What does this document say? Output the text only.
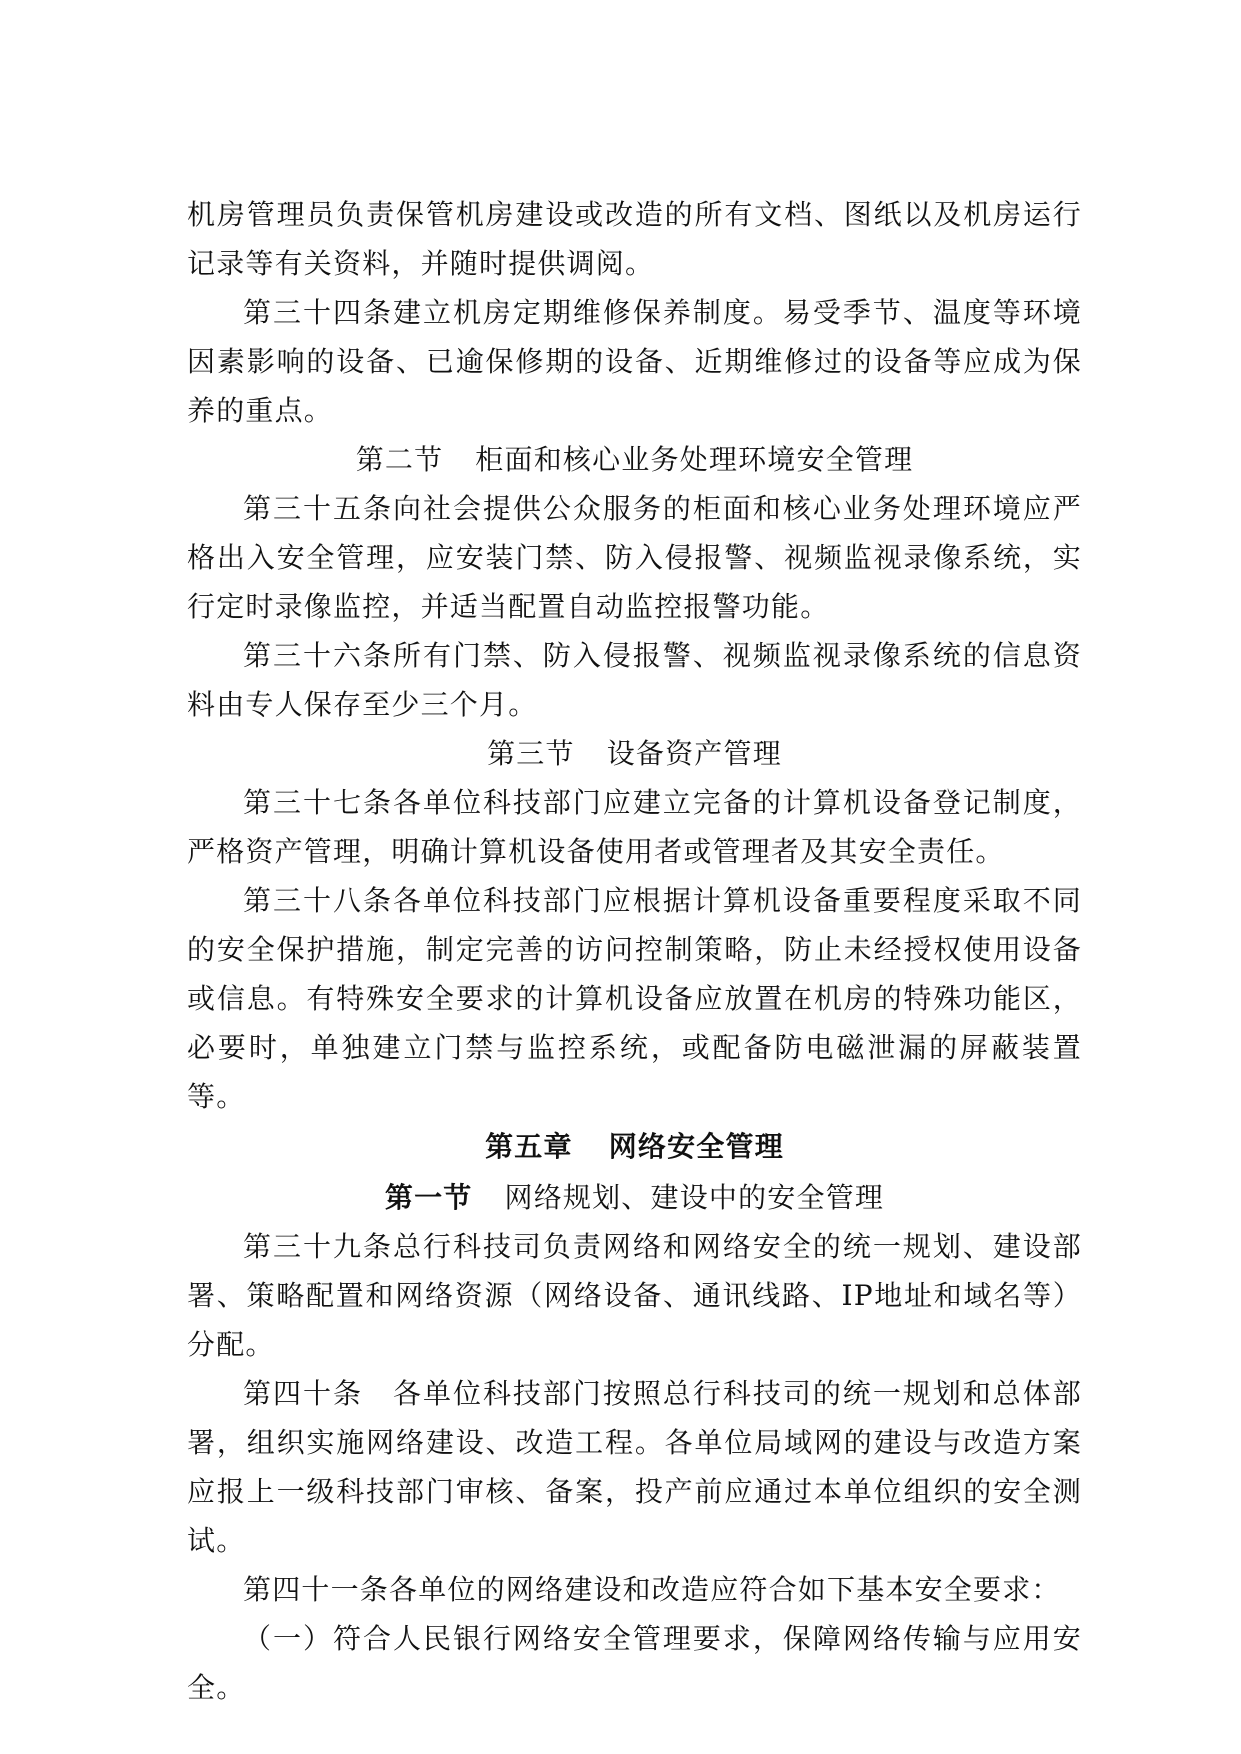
机房管理员负责保管机房建设或改造的所有文档、图纸以及机房运行记录等有关资料，并随时提供调阅。

第三十四条建立机房定期维修保养制度。易受季节、温度等环境因素影响的设备、已逾保修期的设备、近期维修过的设备等应成为保养的重点。

第二节 柜面和核心业务处理环境安全管理

第三十五条向社会提供公众服务的柜面和核心业务处理环境应严格出入安全管理，应安装门禁、防入侵报警、视频监视录像系统，实行定时录像监控，并适当配置自动监控报警功能。

第三十六条所有门禁、防入侵报警、视频监视录像系统的信息资料由专人保存至少三个月。

第三节 设备资产管理

第三十七条各单位科技部门应建立完备的计算机设备登记制度，严格资产管理，明确计算机设备使用者或管理者及其安全责任。

第三十八条各单位科技部门应根据计算机设备重要程度采取不同的安全保护措施，制定完善的访问控制策略，防止未经授权使用设备或信息。有特殊安全要求的计算机设备应放置在机房的特殊功能区，必要时，单独建立门禁与监控系统，或配备防电磁泄漏的屏蔽装置等。

第五章 网络安全管理

第一节 网络规划、建设中的安全管理

第三十九条总行科技司负责网络和网络安全的统一规划、建设部署、策略配置和网络资源（网络设备、通讯线路、IP地址和域名等）分配。

第四十条　各单位科技部门按照总行科技司的统一规划和总体部署，组织实施网络建设、改造工程。各单位局域网的建设与改造方案应报上一级科技部门审核、备案，投产前应通过本单位组织的安全测试。

第四十一条各单位的网络建设和改造应符合如下基本安全要求：

（一）符合人民银行网络安全管理要求，保障网络传输与应用安全。
